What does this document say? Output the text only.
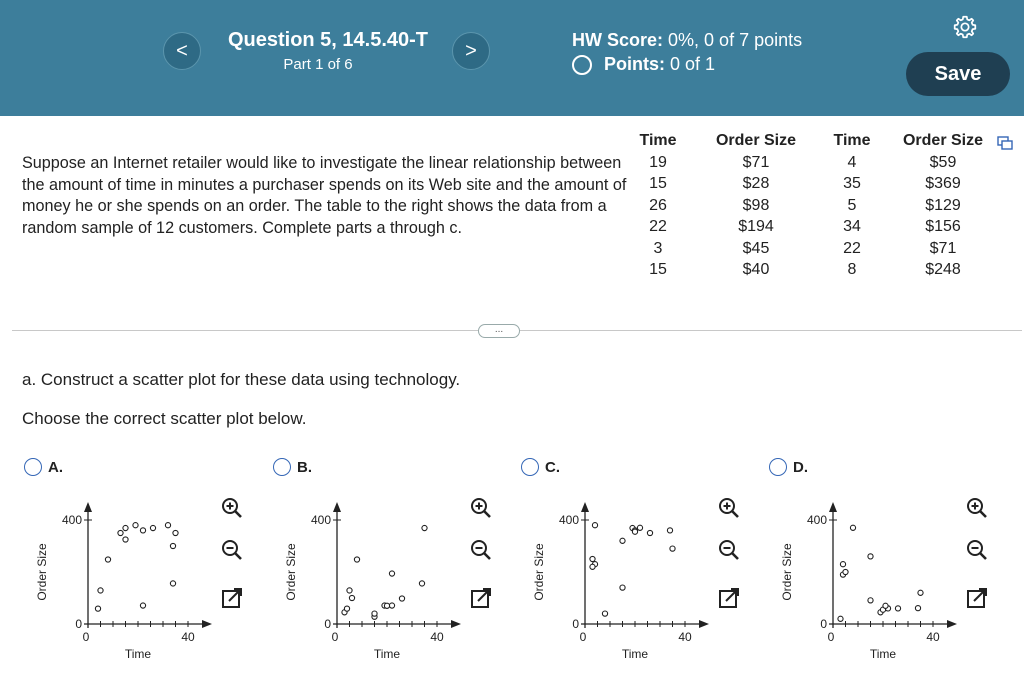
<	Question 5, 14.5.40-T
Part 1 of 6
>	HW Score: 0%, 0 of 7 points
Points:
0 of 1	Save
Suppose an Internet retailer would like to investigate the linear relationship between the amount of time in minutes a purchaser spends on its Web site and the amount of money he or she spends on an order. The table to the right shows the data from a random sample of 12 customers. Complete parts a through c.
Time	Order Size	Time	Order Size
19	$71	4	$59
15	$28	35	$369
26	$98	5	$129
22	$194	34	$156
3	$45	22	$71
15	$40	8	$248
...
a. Construct a scatter plot for these data using technology.
Choose the correct scatter plot below.
A.
0	40
0
400
Time
Order Size
B.
0	40
0
400
Time
Order Size
C.
0	40
0
400
Time
Order Size
D.
0	40
0
400
Time
Order Size
